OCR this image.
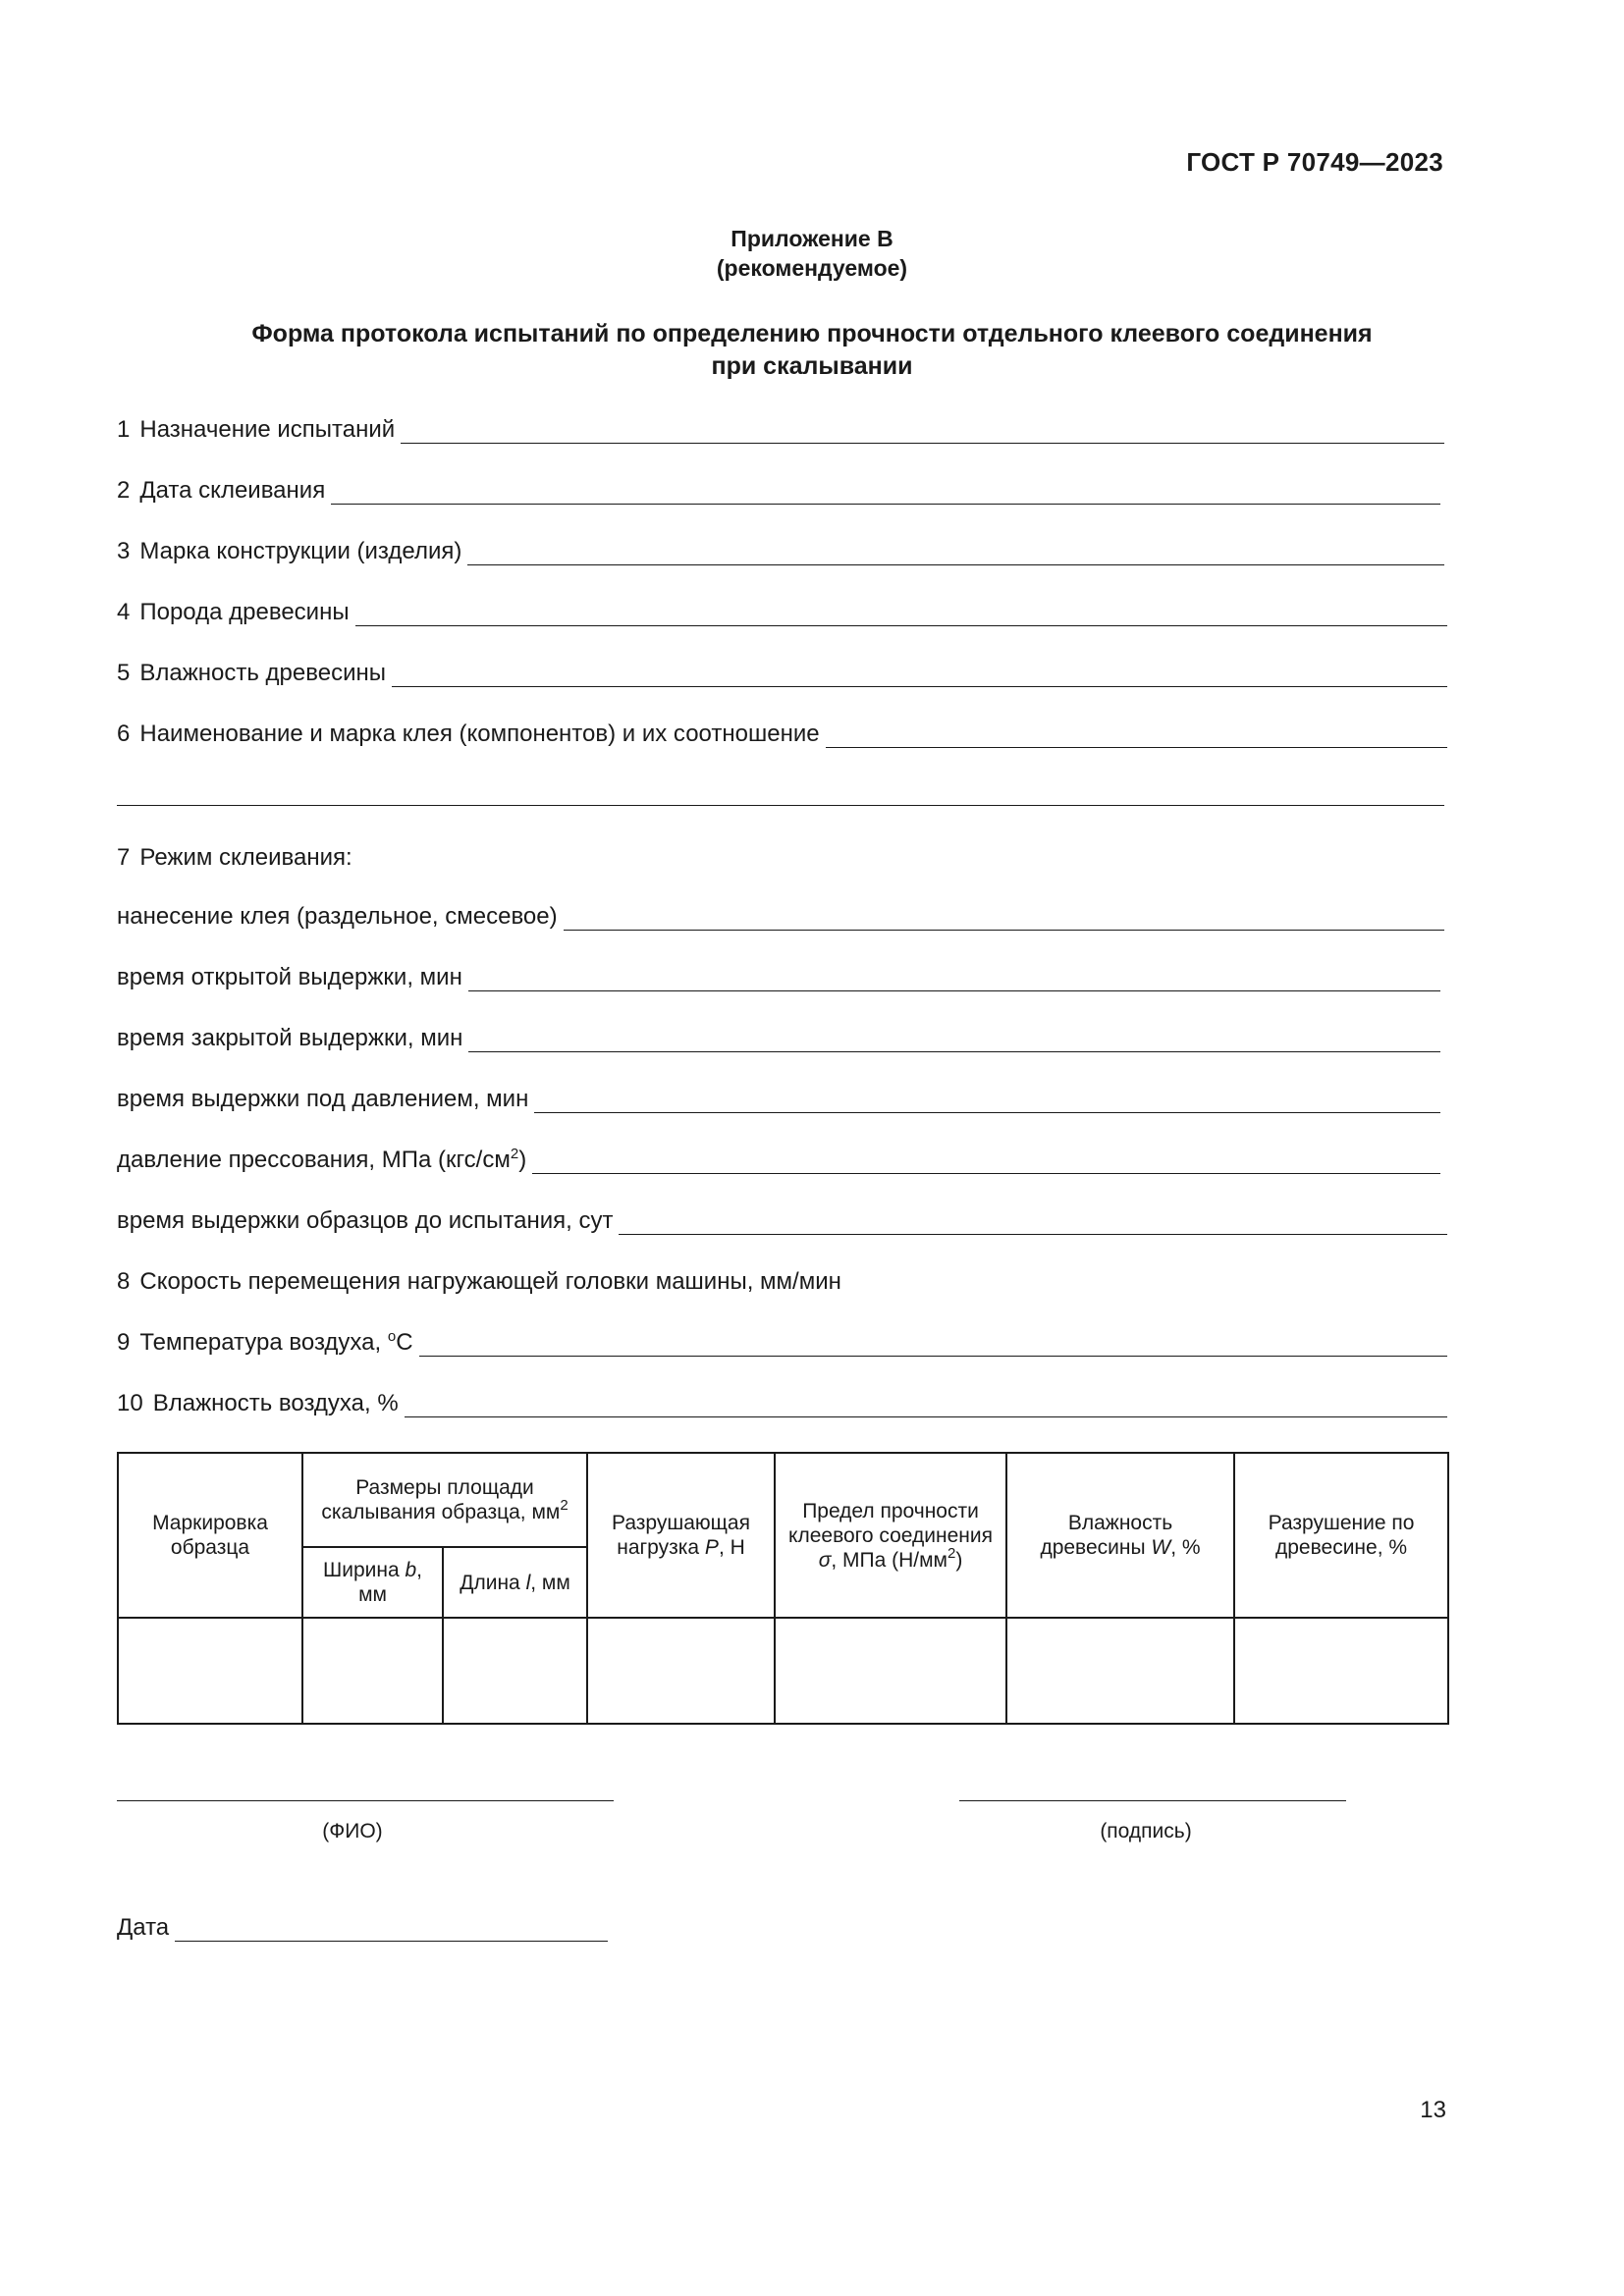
ГОСТ Р 70749—2023
Приложение В
(рекомендуемое)
Форма протокола испытаний по определению прочности отдельного клеевого соединения
при скалывании
1 Назначение испытаний
2 Дата склеивания
3 Марка конструкции (изделия)
4 Порода древесины
5 Влажность древесины
6 Наименование и марка клея (компонентов) и их соотношение
7 Режим склеивания:
нанесение клея (раздельное, смесевое)
время открытой выдержки, мин
время закрытой выдержки, мин
время выдержки под давлением, мин
давление прессования, МПа $(кгс/см^2)$
время выдержки образцов до испытания, сут
8 Скорость перемещения нагружающей головки машины, мм/мин
9 Температура воздуха, $^о$С
10 Влажность воздуха, %
Маркировка образца	Размеры площади скалывания образца, $мм^2$		Разрушающая нагрузка P, Н	Предел прочности клеевого соединения σ, МПа $(Н/мм^2)$	Влажность древесины W, %	Разрушение по древесине, %
	Ширина b, мм	Длина l, мм				

(ФИО)	(подпись)
Дата
13
